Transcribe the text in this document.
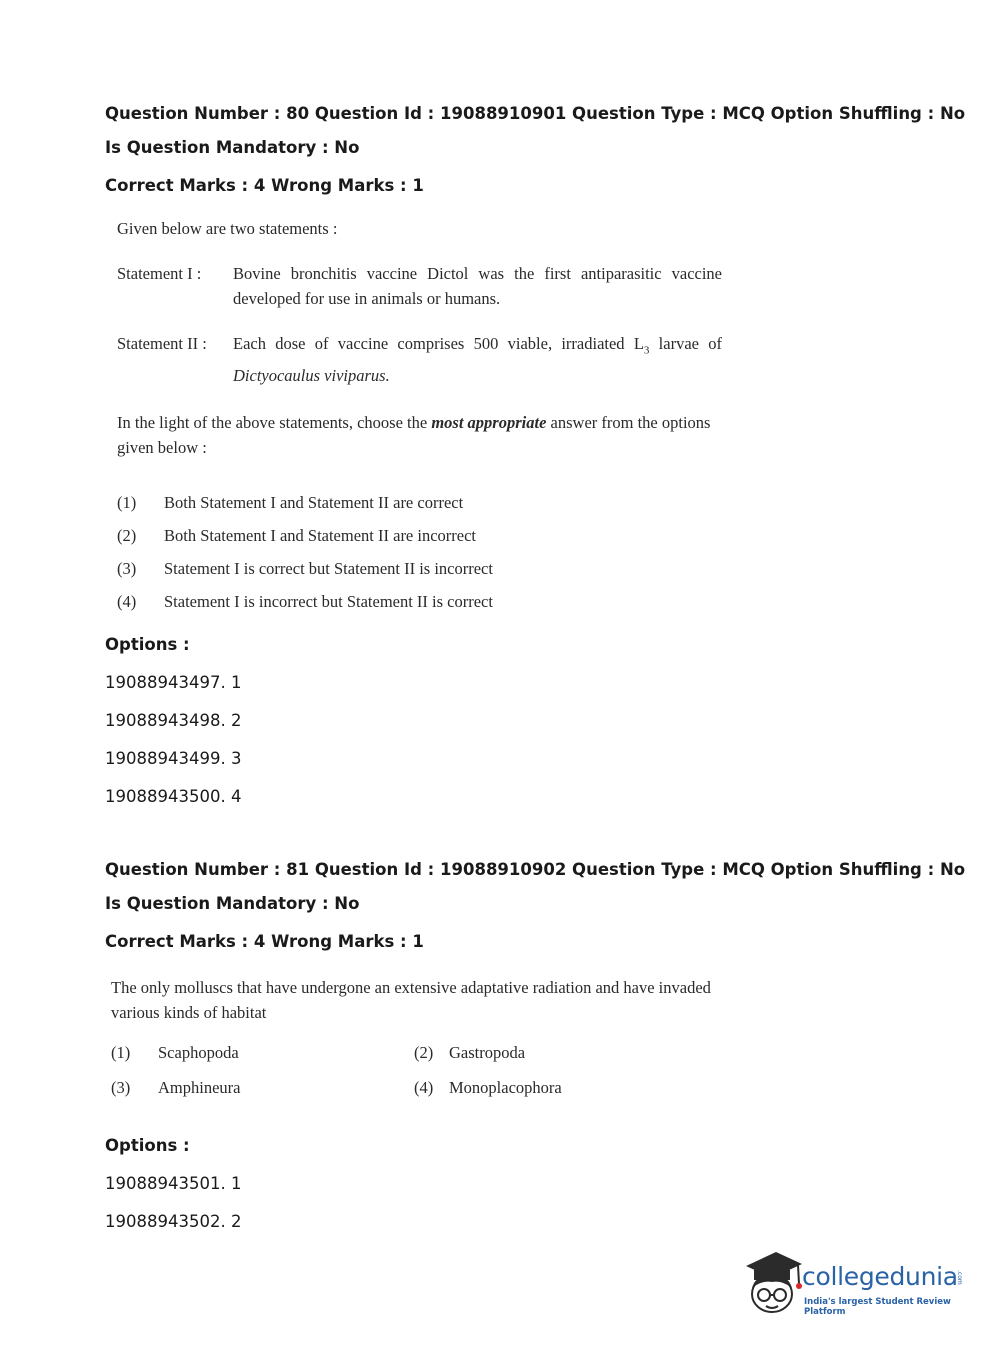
Question Number : 80 Question Id : 19088910901 Question Type : MCQ Option Shuffling : No

Is Question Mandatory : No

Correct Marks : 4 Wrong Marks : 1

Given below are two statements :
Statement I :	Bovine bronchitis vaccine Dictol was the first antiparasitic vaccine developed for use in animals or humans.
Statement II :	Each dose of vaccine comprises 500 viable, irradiated $L_3$ larvae of Dictyocaulus viviparus.
In the light of the above statements, choose the most appropriate answer from the options given below :
(1)	Both Statement I and Statement II are correct
(2)	Both Statement I and Statement II are incorrect
(3)	Statement I is correct but Statement II is incorrect
(4)	Statement I is incorrect but Statement II is correct

Options :

19088943497. 1
19088943498. 2
19088943499. 3
19088943500. 4

Question Number : 81 Question Id : 19088910902 Question Type : MCQ Option Shuffling : No

Is Question Mandatory : No

Correct Marks : 4 Wrong Marks : 1

The only molluscs that have undergone an extensive adaptative radiation and have invaded various kinds of habitat
(1)	Scaphopoda	(2) Gastropoda
(3)	Amphineura	(4) Monoplacophora

Options :

19088943501. 1
19088943502. 2
collegedunia
.com
India's largest Student Review Platform
